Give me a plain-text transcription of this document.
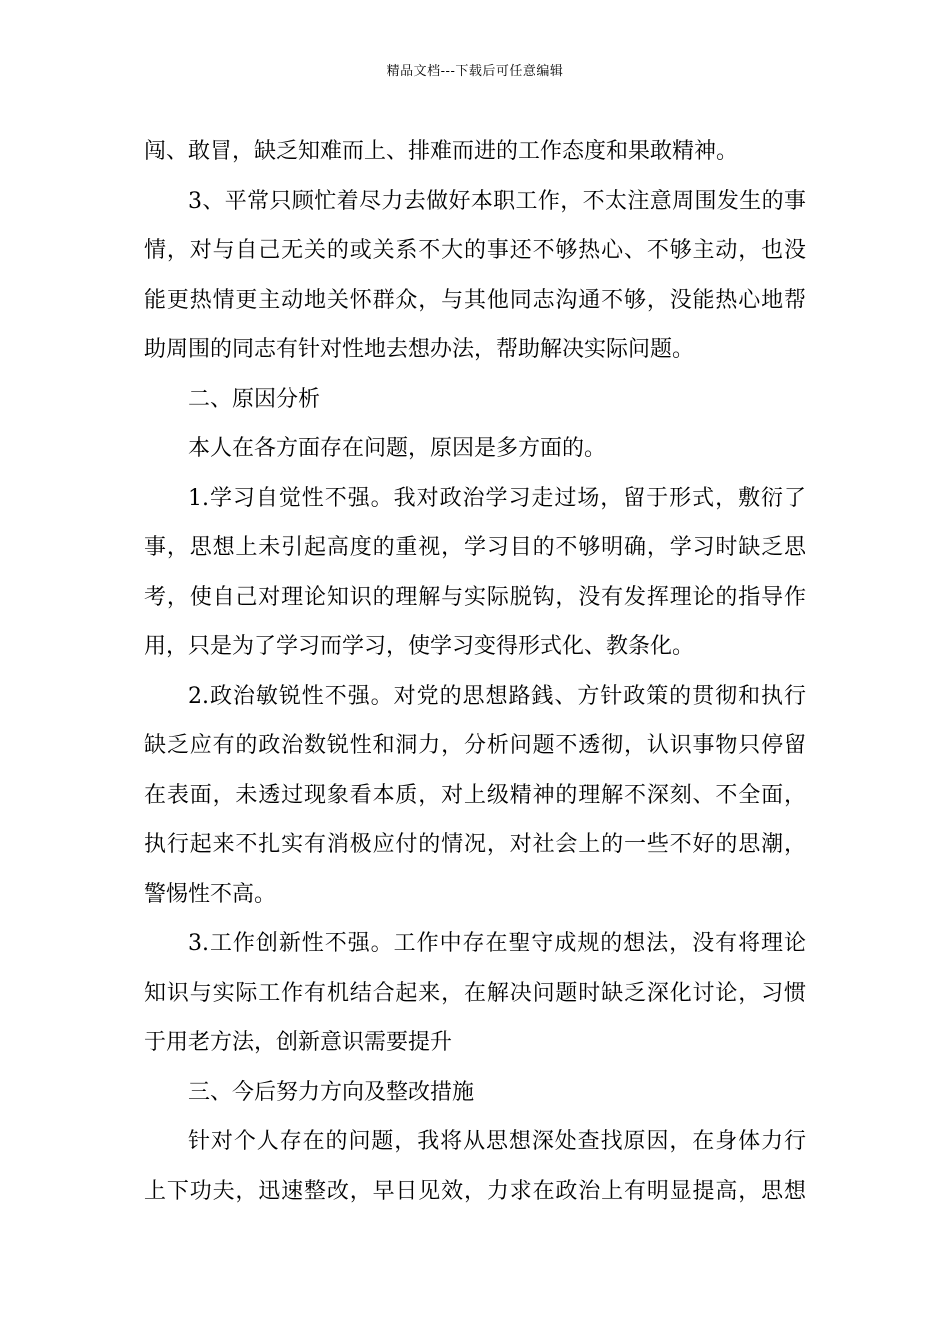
精品文档---下载后可任意编辑
闯、敢冒，缺乏知难而上、排难而进的工作态度和果敢精神。
3、平常只顾忙着尽力去做好本职工作，不太注意周围发生的事
情，对与自己无关的或关系不大的事还不够热心、不够主动，也没
能更热情更主动地关怀群众，与其他同志沟通不够，没能热心地帮
助周围的同志有针对性地去想办法，帮助解决实际问题。
二、原因分析
本人在各方面存在问题，原因是多方面的。
1.学习自觉性不强。我对政治学习走过场，留于形式，敷衍了
事，思想上未引起高度的重视，学习目的不够明确，学习时缺乏思
考，使自己对理论知识的理解与实际脱钩，没有发挥理论的指导作
用，只是为了学习而学习，使学习变得形式化、教条化。
2.政治敏锐性不强。对党的思想路銭、方针政策的贯彻和执行
缺乏应有的政治数锐性和洞力，分析问题不透彻，认识事物只停留
在表面，未透过现象看本质，对上级精神的理解不深刻、不全面，
执行起来不扎实有消极应付的情况，对社会上的一些不好的思潮，
警惕性不高。
3.工作创新性不强。工作中存在聖守成规的想法，没有将理论
知识与实际工作有机结合起来，在解决问题时缺乏深化讨论，习惯
于用老方法，创新意识需要提升
三、今后努力方向及整改措施
针对个人存在的问题，我将从思想深处查找原因，在身体力行
上下功夫，迅速整改，早日见效，力求在政治上有明显提高，思想
